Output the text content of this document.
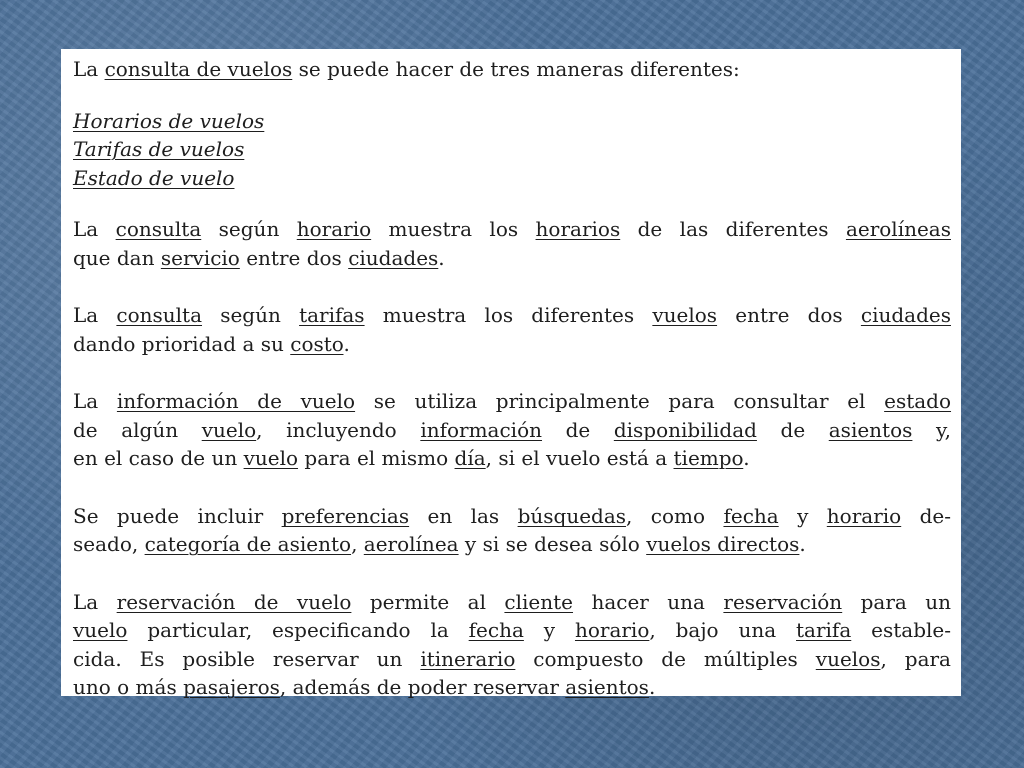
La consulta de vuelos se puede hacer de tres maneras diferentes:

Horarios de vuelos
Tarifas de vuelos
Estado de vuelo
La consulta según horario muestra los horarios de las diferentes aerolíneas
que dan servicio entre dos ciudades.
La consulta según tarifas muestra los diferentes vuelos entre dos ciudades
dando prioridad a su costo.
La información de vuelo se utiliza principalmente para consultar el estado
de algún vuelo, incluyendo información de disponibilidad de asientos y,
en el caso de un vuelo para el mismo día, si el vuelo está a tiempo.
Se puede incluir preferencias en las búsquedas, como fecha y horario de-
seado, categoría de asiento, aerolínea y si se desea sólo vuelos directos.
La reservación de vuelo permite al cliente hacer una reservación para un
vuelo particular, especificando la fecha y horario, bajo una tarifa estable-
cida. Es posible reservar un itinerario compuesto de múltiples vuelos, para
uno o más pasajeros, además de poder reservar asientos.
